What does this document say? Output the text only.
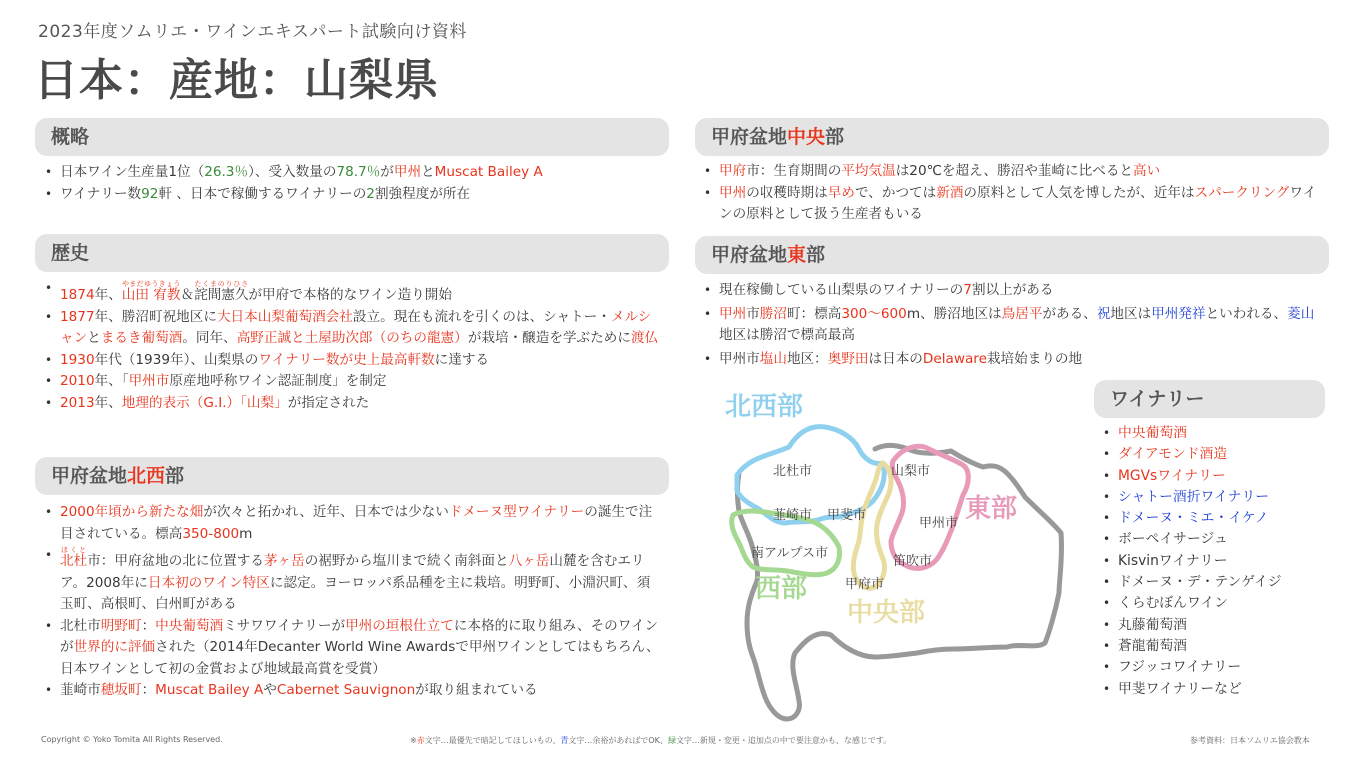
2023年度ソムリエ・ワインエキスパート試験向け資料
日本：産地：山梨県
概略
• 日本ワイン生産量1位（26.3％）、受入数量の78.7％が甲州とMuscat Bailey A
• ワイナリー数92軒 、日本で稼働するワイナリーの2割強程度が所在
歴史
• 1874年、山田 宥教やまだゆうきょう＆詫間憲久たくまのりひさが甲府で本格的なワイン造り開始
• 1877年、勝沼町祝地区に大日本山梨葡萄酒会社設立。現在も流れを引くのは、シャトー・メルシャンとまるき葡萄酒。同年、高野正誠と土屋助次郎（のちの龍憲）が栽培・醸造を学ぶために渡仏
• 1930年代（1939年）、山梨県のワイナリー数が史上最高軒数に達する
• 2010年、「甲州市原産地呼称ワイン認証制度」を制定
• 2013年、地理的表示（G.I.）「山梨」が指定された
甲府盆地北西部
• 2000年頃から新たな畑が次々と拓かれ、近年、日本では少ないドメーヌ型ワイナリーの誕生で注目されている。標高350-800m
• 北杜ほくと市：甲府盆地の北に位置する茅ヶ岳の裾野から塩川まで続く南斜面と八ヶ岳山麓を含むエリア。2008年に日本初のワイン特区に認定。ヨーロッパ系品種を主に栽培。明野町、小淵沢町、須玉町、高根町、白州町がある
• 北杜市明野町：中央葡萄酒ミサワワイナリーが甲州の垣根仕立てに本格的に取り組み、そのワインが世界的に評価された（2014年Decanter World Wine Awardsで甲州ワインとしてはもちろん、日本ワインとして初の金賞および地域最高賞を受賞）
• 韮崎市穂坂町：Muscat Bailey AやCabernet Sauvignonが取り組まれている
甲府盆地中央部
• 甲府市：生育期間の平均気温は20℃を超え、勝沼や韮崎に比べると高い
• 甲州の収穫時期は早めで、かつては新酒の原料として人気を博したが、近年はスパークリングワインの原料として扱う生産者もいる
甲府盆地東部
• 現在稼働している山梨県のワイナリーの7割以上がある
• 甲州市勝沼町：標高300～600m、勝沼地区は鳥居平がある、祝地区は甲州発祥といわれる、菱山地区は勝沼で標高最高
• 甲州市塩山地区：奥野田は日本のDelaware栽培始まりの地
北西部
東部
西部
中央部
北杜市	山梨市
韮崎市 甲斐市
甲州市
南アルプス市
笛吹市
甲府市
ワイナリー
• 中央葡萄酒
• ダイアモンド酒造
• MGVsワイナリー
• シャトー酒折ワイナリー
• ドメーヌ・ミエ・イケノ
• ボーペイサージュ
• Kisvinワイナリー
• ドメーヌ・デ・テンゲイジ
• くらむぼんワイン
• 丸藤葡萄酒
• 蒼龍葡萄酒
• フジッコワイナリー
• 甲斐ワイナリーなど
Copyright © Yoko Tomita All Rights Reserved.	※赤文字…最優先で暗記してほしいもの、青文字…余裕があればでOK、緑文字…新規・変更・追加点の中で要注意かも、な感じです。	参考資料：日本ソムリエ協会教本
